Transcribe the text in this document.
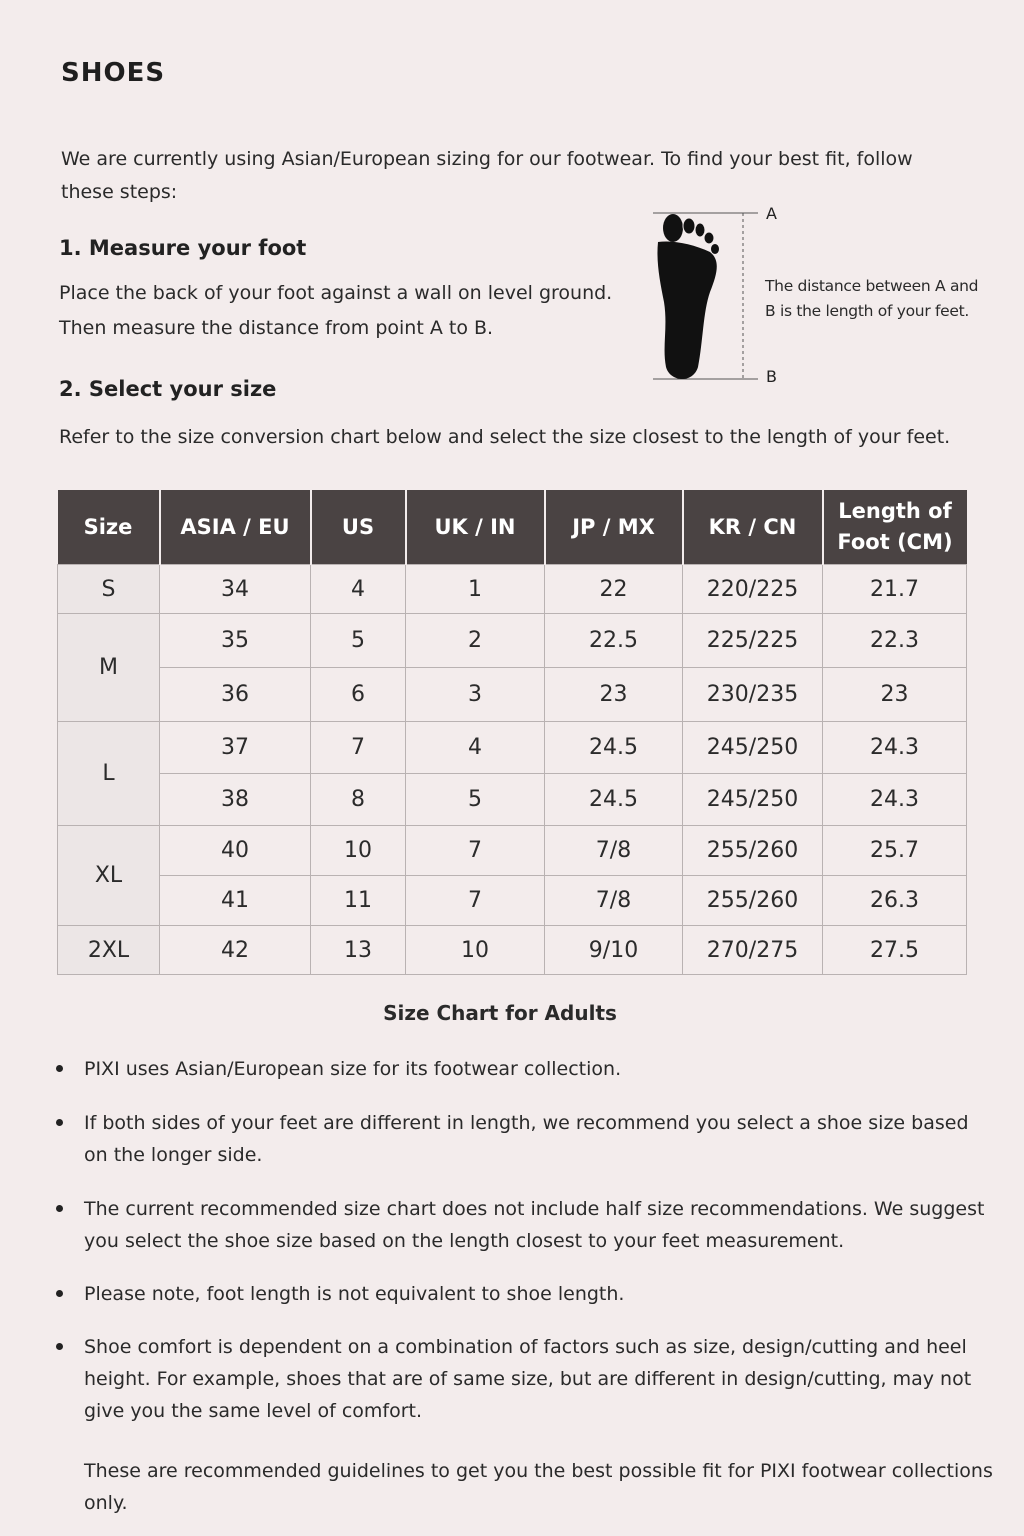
SHOES
We are currently using Asian/European sizing for our footwear. To find your best fit, follow these steps:
1. Measure your foot
Place the back of your foot against a wall on level ground.
Then measure the distance from point A to B.
A
B
The distance between A and B is the length of your feet.
2. Select your size
Refer to the size conversion chart below and select the size closest to the length of your feet.
Size	ASIA / EU	US	UK / IN	JP / MX	KR / CN	Length of Foot (CM)
S	34	4	1	22	220/225	21.7
M	35	5	2	22.5	225/225	22.3
	36	6	3	23	230/235	23
L	37	7	4	24.5	245/250	24.3
	38	8	5	24.5	245/250	24.3
XL	40	10	7	7/8	255/260	25.7
	41	11	7	7/8	255/260	26.3
2XL	42	13	10	9/10	270/275	27.5
Size Chart for Adults
PIXI uses Asian/European size for its footwear collection.
If both sides of your feet are different in length, we recommend you select a shoe size based on the longer side.
The current recommended size chart does not include half size recommendations. We suggest you select the shoe size based on the length closest to your feet measurement.
Please note, foot length is not equivalent to shoe length.
Shoe comfort is dependent on a combination of factors such as size, design/cutting and heel height. For example, shoes that are of same size, but are different in design/cutting, may not give you the same level of comfort.
These are recommended guidelines to get you the best possible fit for PIXI footwear collections only.
